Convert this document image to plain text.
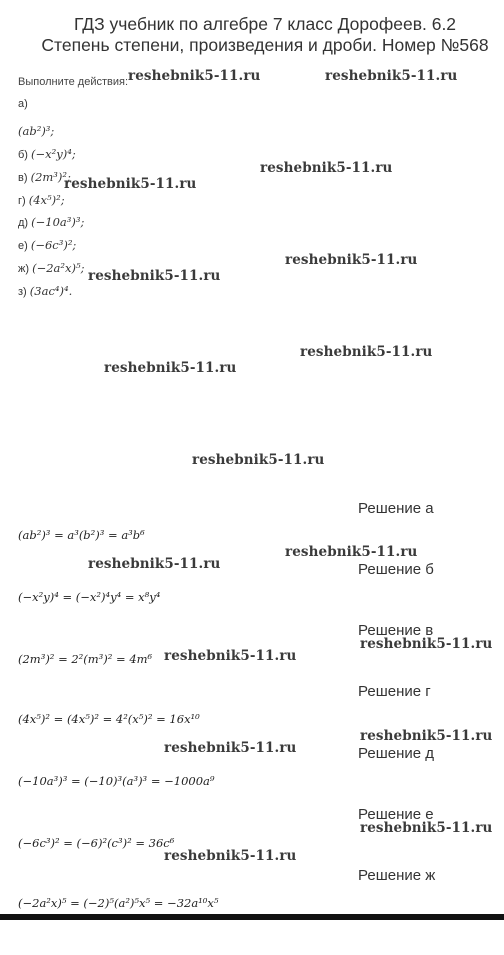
ГДЗ учебник по алгебре 7 класс Дорофеев. 6.2 Степень степени, произведения и дроби. Номер №568
Выполните действия:
а)
(ab²)³;
б) (−x²y)⁴;
в) (2m³)²;
г) (4x⁵)²;
д) (−10a³)³;
е) (−6c³)²;
ж) (−2a²x)⁵;
з) (3ac⁴)⁴.
Решение а
(ab²)³ = a³(b²)³ = a³b⁶
Решение б
(−x²y)⁴ = (−x²)⁴y⁴ = x⁸y⁴
Решение в
(2m³)² = 2²(m³)² = 4m⁶
Решение г
(4x⁵)² = (4x⁵)² = 4²(x⁵)² = 16x¹⁰
Решение д
(−10a³)³ = (−10)³(a³)³ = −1000a⁹
Решение е
(−6c³)² = (−6)²(c³)² = 36c⁶
Решение ж
(−2a²x)⁵ = (−2)⁵(a²)⁵x⁵ = −32a¹⁰x⁵
reshebnik5-11.ru	reshebnik5-11.ru
reshebnik5-11.ru
reshebnik5-11.ru
reshebnik5-11.ru
reshebnik5-11.ru
reshebnik5-11.ru
reshebnik5-11.ru
reshebnik5-11.ru
reshebnik5-11.ru
reshebnik5-11.ru
reshebnik5-11.ru
reshebnik5-11.ru
reshebnik5-11.ru
reshebnik5-11.ru
reshebnik5-11.ru
reshebnik5-11.ru
